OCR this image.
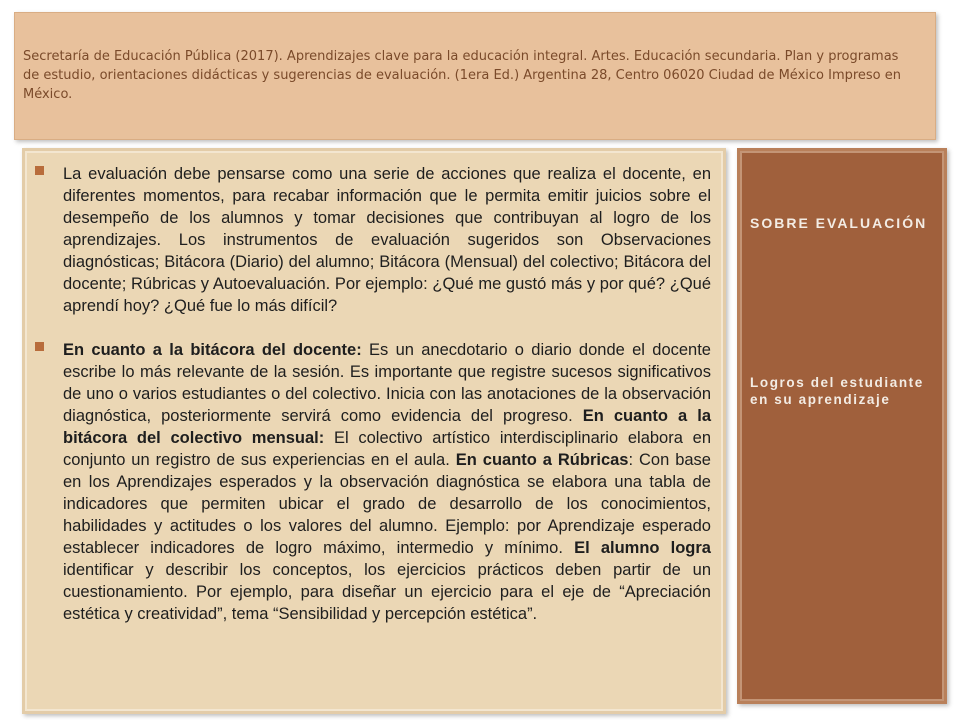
Secretaría de Educación Pública (2017). Aprendizajes clave para la educación integral. Artes. Educación secundaria. Plan y programas de estudio, orientaciones didácticas y sugerencias de evaluación. (1era Ed.) Argentina 28, Centro 06020 Ciudad de México Impreso en México.

La evaluación debe pensarse como una serie de acciones que realiza el docente, en diferentes momentos, para recabar información que le permita emitir juicios sobre el desempeño de los alumnos y tomar decisiones que contribuyan al logro de los aprendizajes. Los instrumentos de evaluación sugeridos son Observaciones diagnósticas; Bitácora (Diario) del alumno; Bitácora (Mensual) del colectivo; Bitácora del docente; Rúbricas y Autoevaluación. Por ejemplo: ¿Qué me gustó más y por qué? ¿Qué aprendí hoy? ¿Qué fue lo más difícil?

En cuanto a la bitácora del docente: Es un anecdotario o diario donde el docente escribe lo más relevante de la sesión. Es importante que registre sucesos significativos de uno o varios estudiantes o del colectivo. Inicia con las anotaciones de la observación diagnóstica, posteriormente servirá como evidencia del progreso. En cuanto a la bitácora del colectivo mensual: El colectivo artístico interdisciplinario elabora en conjunto un registro de sus experiencias en el aula. En cuanto a Rúbricas: Con base en los Aprendizajes esperados y la observación diagnóstica se elabora una tabla de indicadores que permiten ubicar el grado de desarrollo de los conocimientos, habilidades y actitudes o los valores del alumno. Ejemplo: por Aprendizaje esperado establecer indicadores de logro máximo, intermedio y mínimo. El alumno logra identificar y describir los conceptos, los ejercicios prácticos deben partir de un cuestionamiento. Por ejemplo, para diseñar un ejercicio para el eje de “Apreciación estética y creatividad”, tema “Sensibilidad y percepción estética”.

SOBRE EVALUACIÓN
Logros del estudiante en su aprendizaje
